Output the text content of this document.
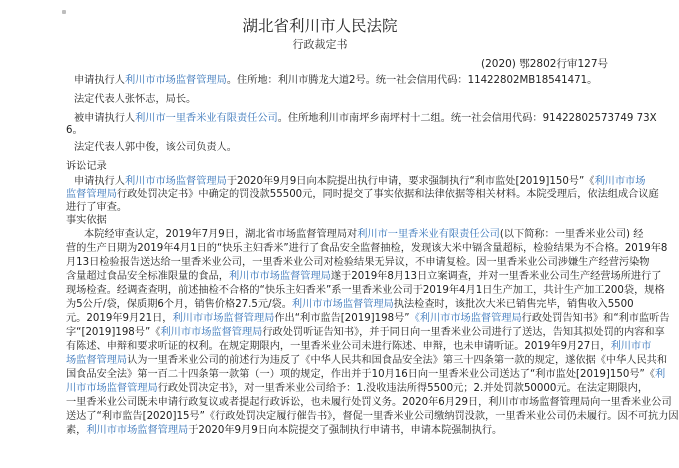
湖北省利川市人民法院
行政裁定书
(2020) 鄂2802行审127号
申请执行人利川市市场监督管理局。住所地：利川市腾龙大道2号。统一社会信用代码：11422802MB18541471。
法定代表人张怀志，局长。
被申请执行人利川市一里香米业有限责任公司。住所地利川市南坪乡南坪村十二组。统一社会信用代码：91422802573749 73X
6。
法定代表人郭中俊，该公司负责人。
诉讼记录
申请执行人利川市市场监督管理局于2020年9月9日向本院提出执行申请，要求强制执行“利市监处[2019]150号”《利川市市场
监督管理局行政处罚决定书》中确定的罚没款55500元，同时提交了事实依据和法律依据等相关材料。本院受理后，依法组成合议庭
进行了审查。
事实依据
本院经审查认定，2019年7月9日，湖北省市场监督管理局对利川市一里香米业有限责任公司(以下简称：一里香米业公司) 经
营的生产日期为2019年4月1日的“快乐主妇香米”进行了食品安全监督抽检，发现该大米中镉含量超标，检验结果为不合格。2019年8
月13日检验报告送达给一里香米业公司，一里香米业公司对检验结果无异议，不申请复检。因一里香米业公司涉嫌生产经营污染物
含量超过食品安全标准限量的食品，利川市市场监督管理局遂于2019年8月13日立案调查，并对一里香米业公司生产经营场所进行了
现场检查。经调查查明，前述抽检不合格的“快乐主妇香米”系一里香米业公司于2019年4月1日生产加工，共计生产加工200袋，规格
为5公斤/袋，保质期6个月，销售价格27.5元/袋。利川市市场监督管理局执法检查时，该批次大米已销售完毕，销售收入5500
元。2019年9月21日，利川市市场监督管理局作出“利市监告[2019]198号”《利川市市场监督管理局行政处罚告知书》和“利市监听告
字“[2019]198号”《利川市市场监督管理局行政处罚听证告知书》，并于同日向一里香米业公司进行了送达，告知其拟处罚的内容和享
有陈述、申辩和要求听证的权利。在规定期限内，一里香米业公司未进行陈述、申辩，也未申请听证。2019年9月27日，利川市市
场监督管理局认为一里香米业公司的前述行为违反了《中华人民共和国食品安全法》第三十四条第一款的规定，遂依据《中华人民共和
国食品安全法》第一百二十四条第一款第（一）项的规定，作出并于10月16日向一里香米业公司送达了“利市监处[2019]150号”《利
川市市场监督管理局行政处罚决定书》，对一里香米业公司给予：1.没收违法所得5500元；2.并处罚款50000元。在法定期限内，
一里香米业公司既未申请行政复议或者提起行政诉讼，也未履行处罚义务。2020年6月29日，利川市市场监督管理局向一里香米业公司
送达了“利市监告[2020]15号”《行政处罚决定履行催告书》，督促一里香米业公司缴纳罚没款，一里香米业公司仍未履行。因不可抗力因
素，利川市市场监督管理局于2020年9月9日向本院提交了强制执行申请书，申请本院强制执行。
